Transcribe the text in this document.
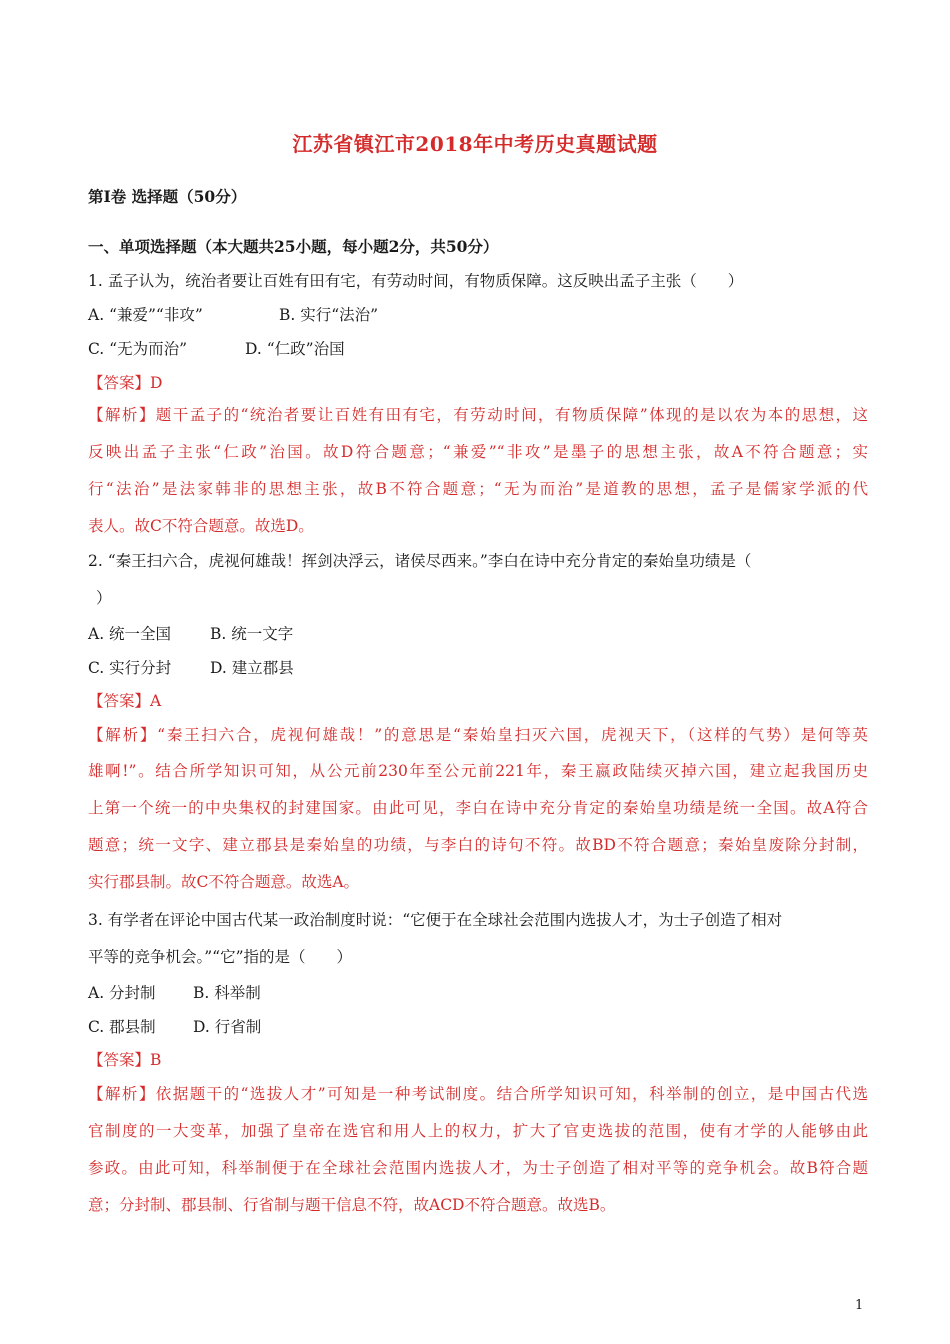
江苏省镇江市2018年中考历史真题试题
第Ⅰ卷 选择题（50分）
一、单项选择题（本大题共25小题，每小题2分，共50分）
1. 孟子认为，统治者要让百姓有田有宅，有劳动时间，有物质保障。这反映出孟子主张（　　）
A. “兼爱”“非攻”	B. 实行“法治”
C. “无为而治”	D. “仁政”治国
【答案】D
【解析】题干孟子的“统治者要让百姓有田有宅，有劳动时间，有物质保障”体现的是以农为本的思想，这
反映出孟子主张“仁政”治国。故D符合题意；“兼爱”“非攻”是墨子的思想主张，故A不符合题意；实
行“法治”是法家韩非的思想主张，故B不符合题意；“无为而治”是道教的思想，孟子是儒家学派的代
表人。故C不符合题意。故选D。
2. “秦王扫六合，虎视何雄哉！挥剑决浮云，诸侯尽西来。”李白在诗中充分肯定的秦始皇功绩是（
）
A. 统一全国	B. 统一文字
C. 实行分封	D. 建立郡县
【答案】A
【解析】“秦王扫六合，虎视何雄哉！”的意思是“秦始皇扫灭六国，虎视天下，（这样的气势）是何等英
雄啊!”。结合所学知识可知，从公元前230年至公元前221年，秦王嬴政陆续灭掉六国，建立起我国历史
上第一个统一的中央集权的封建国家。由此可见，李白在诗中充分肯定的秦始皇功绩是统一全国。故A符合
题意；统一文字、建立郡县是秦始皇的功绩，与李白的诗句不符。故BD不符合题意；秦始皇废除分封制，
实行郡县制。故C不符合题意。故选A。
3. 有学者在评论中国古代某一政治制度时说：“它便于在全球社会范围内选拔人才，为士子创造了相对
平等的竞争机会。”“它”指的是（　　）
A. 分封制 B. 科举制
C. 郡县制 D. 行省制
【答案】B
【解析】依据题干的“选拔人才”可知是一种考试制度。结合所学知识可知，科举制的创立，是中国古代选
官制度的一大变革，加强了皇帝在选官和用人上的权力，扩大了官吏选拔的范围，使有才学的人能够由此
参政。由此可知，科举制便于在全球社会范围内选拔人才，为士子创造了相对平等的竞争机会。故B符合题
意；分封制、郡县制、行省制与题干信息不符，故ACD不符合题意。故选B。
1
